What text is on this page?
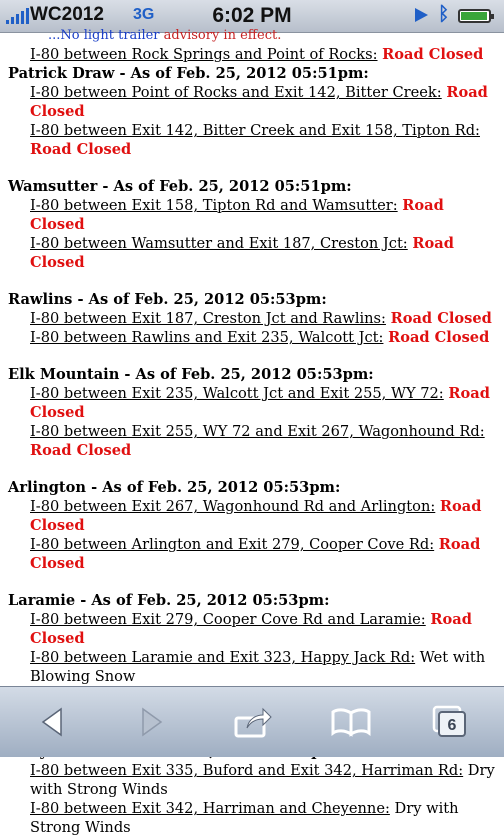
WC2012 3G	6:02 PM	ᛒ
...No light trailer advisory in effect.
I-80 between Rock Springs and Point of Rocks: Road Closed
Patrick Draw - As of Feb. 25, 2012 05:51pm:
I-80 between Point of Rocks and Exit 142, Bitter Creek: Road Closed
I-80 between Exit 142, Bitter Creek and Exit 158, Tipton Rd: Road Closed
Wamsutter - As of Feb. 25, 2012 05:51pm:
I-80 between Exit 158, Tipton Rd and Wamsutter: Road Closed
I-80 between Wamsutter and Exit 187, Creston Jct: Road Closed
Rawlins - As of Feb. 25, 2012 05:53pm:
I-80 between Exit 187, Creston Jct and Rawlins: Road Closed
I-80 between Rawlins and Exit 235, Walcott Jct: Road Closed
Elk Mountain - As of Feb. 25, 2012 05:53pm:
I-80 between Exit 235, Walcott Jct and Exit 255, WY 72: Road Closed
I-80 between Exit 255, WY 72 and Exit 267, Wagonhound Rd: Road Closed
Arlington - As of Feb. 25, 2012 05:53pm:
I-80 between Exit 267, Wagonhound Rd and Arlington: Road Closed
I-80 between Arlington and Exit 279, Cooper Cove Rd: Road Closed
Laramie - As of Feb. 25, 2012 05:53pm:
I-80 between Exit 279, Cooper Cove Rd and Laramie: Road Closed
I-80 between Laramie and Exit 323, Happy Jack Rd: Wet with Blowing Snow
I-80 between Exit 335, Buford and Exit 342, Harriman Rd: Dry with Strong Winds
I-80 between Exit 342, Harriman and Cheyenne: Dry with Strong Winds
6
